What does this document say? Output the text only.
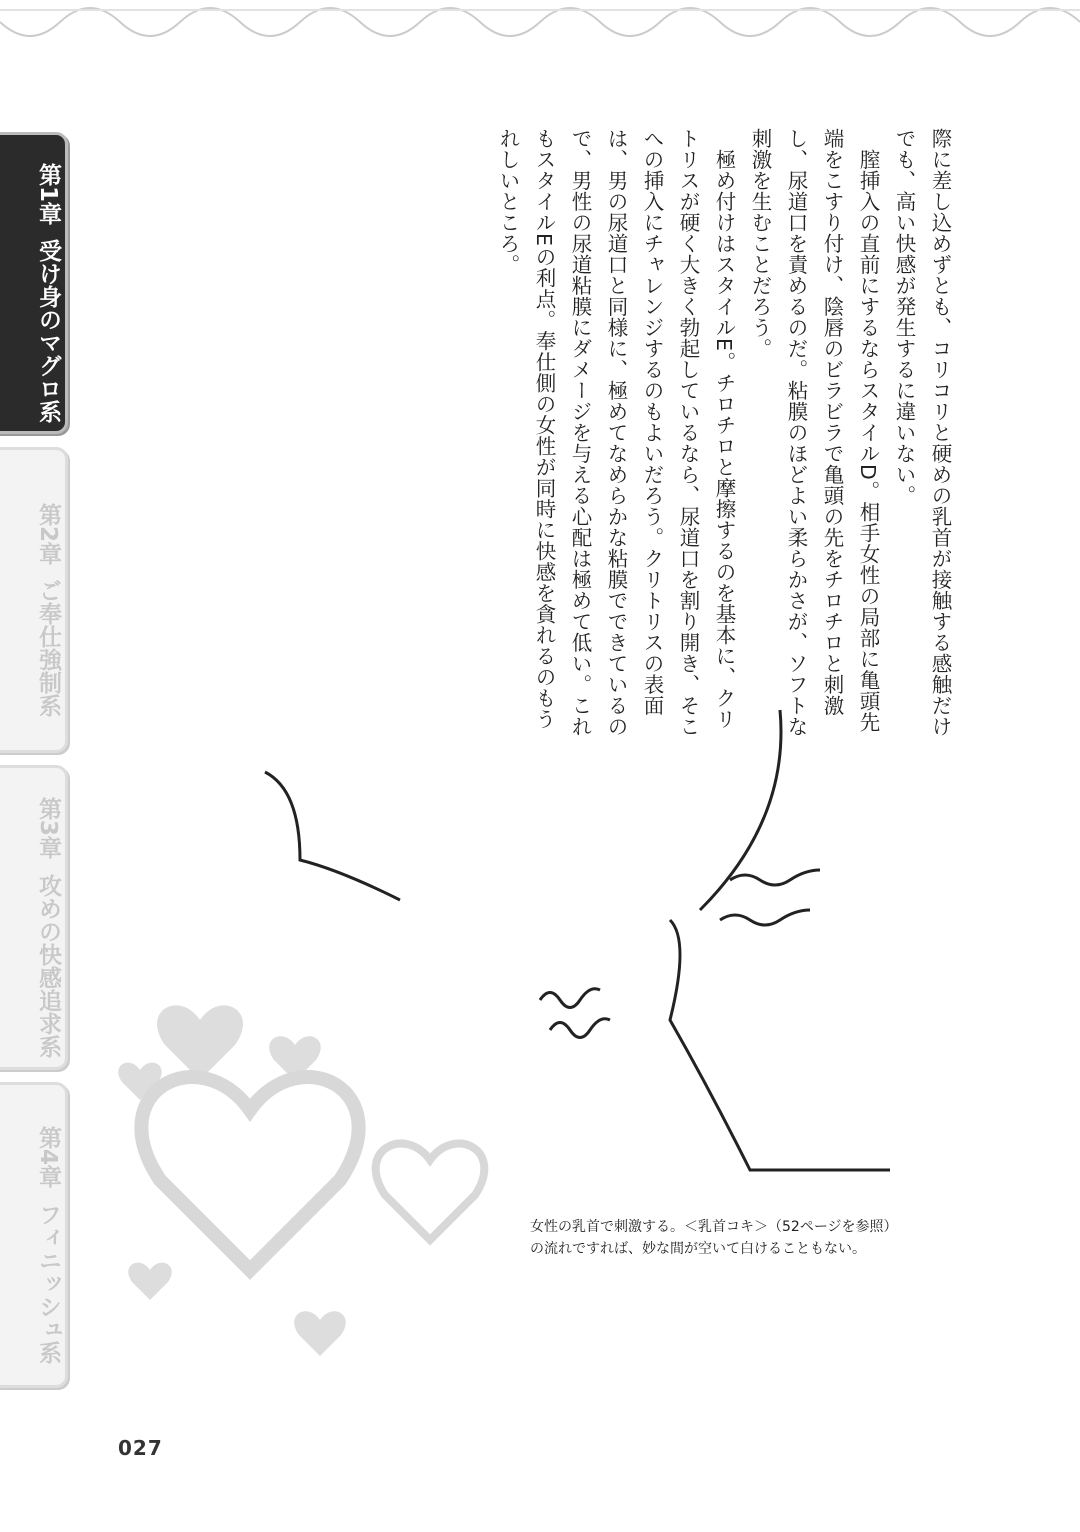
際に差し込めずとも、コリコリと硬めの乳首が接触する感触だけでも、高い快感が発生するに違いない。

　膣挿入の直前にするならスタイルD。相手女性の局部に亀頭先端をこすり付け、陰唇のビラビラで亀頭の先をチロチロと刺激し、尿道口を責めるのだ。粘膜のほどよい柔らかさが、ソフトな刺激を生むことだろう。

　極め付けはスタイルE。チロチロと摩擦するのを基本に、クリトリスが硬く大きく勃起しているなら、尿道口を割り開き、そこへの挿入にチャレンジするのもよいだろう。クリトリスの表面は、男の尿道口と同様に、極めてなめらかな粘膜でできているので、男性の尿道粘膜にダメージを与える心配は極めて低い。これもスタイルEの利点。奉仕側の女性が同時に快感を貪れるのもうれしいところ。

第1章
受け身のマグロ系
第2章
ご奉仕強制系
第3章
攻めの快感追求系
第4章
フィニッシュ系	女性の乳首で刺激する。＜乳首コキ＞（52ページを参照）
の流れですれば、妙な間が空いて白けることもない。
027
